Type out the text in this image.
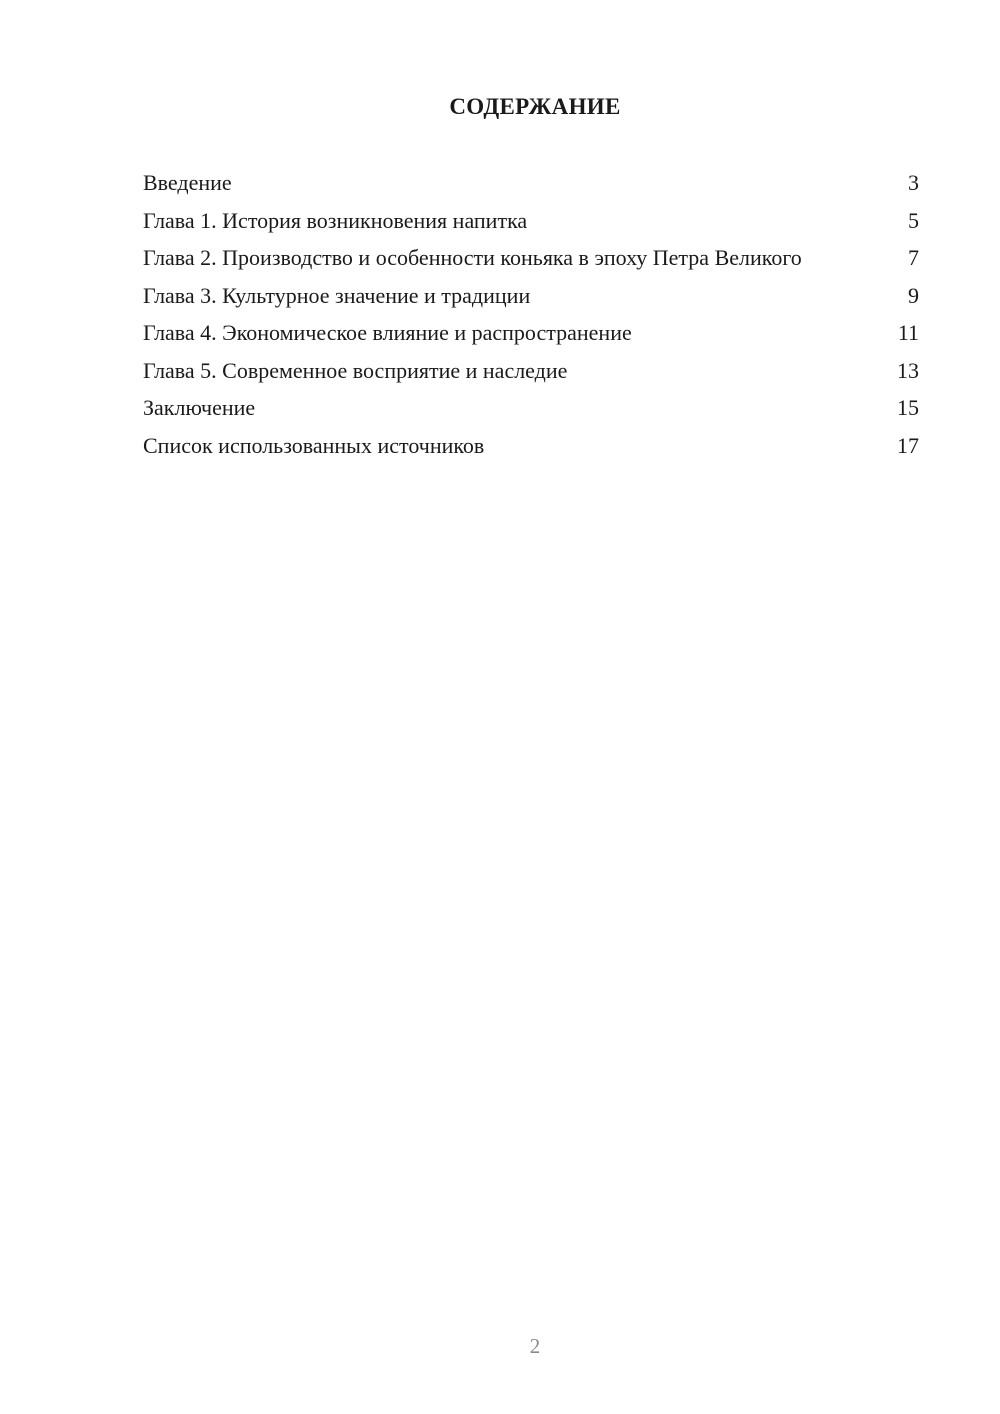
СОДЕРЖАНИЕ
Введение	3
Глава 1. История возникновения напитка	5
Глава 2. Производство и особенности коньяка в эпоху Петра Великого	7
Глава 3. Культурное значение и традиции	9
Глава 4. Экономическое влияние и распространение	11
Глава 5. Современное восприятие и наследие	13
Заключение	15
Список использованных источников	17
2
